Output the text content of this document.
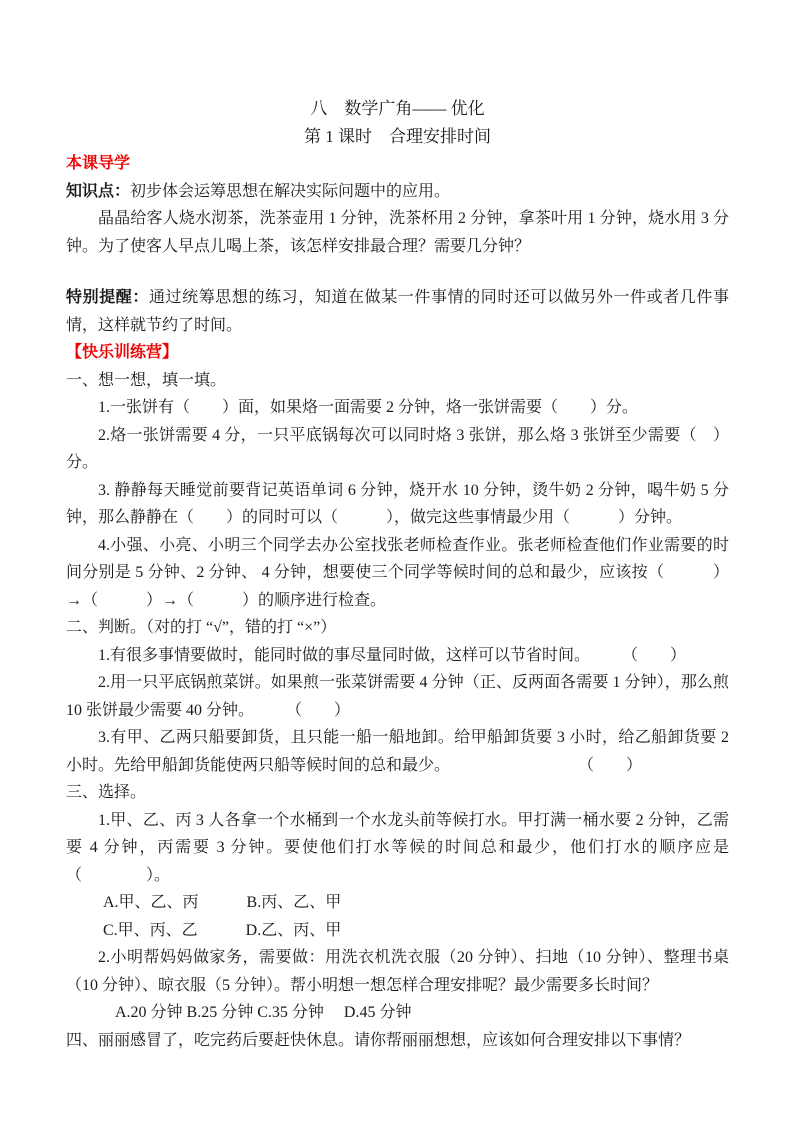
八　数学广角—— 优化

第 1 课时　合理安排时间

本课导学

知识点：初步体会运筹思想在解决实际问题中的应用。

晶晶给客人烧水沏茶，洗茶壶用 1 分钟，洗茶杯用 2 分钟，拿茶叶用 1 分钟，烧水用 3 分钟。为了使客人早点儿喝上茶，该怎样安排最合理？需要几分钟？

特别提醒：通过统筹思想的练习，知道在做某一件事情的同时还可以做另外一件或者几件事情，这样就节约了时间。

【快乐训练营】

一、想一想，填一填。

1.一张饼有（　　）面，如果烙一面需要 2 分钟，烙一张饼需要（　　）分。

2.烙一张饼需要 4 分，一只平底锅每次可以同时烙 3 张饼，那么烙 3 张饼至少需要（　）分。

3. 静静每天睡觉前要背记英语单词 6 分钟，烧开水 10 分钟，烫牛奶 2 分钟，喝牛奶 5 分钟，那么静静在（　　）的同时可以（　　　），做完这些事情最少用（　　　）分钟。

4.小强、小亮、小明三个同学去办公室找张老师检查作业。张老师检查他们作业需要的时间分别是 5 分钟、2 分钟、 4 分钟，想要使三个同学等候时间的总和最少，应该按（　　　）→（　　　）→（　　　）的顺序进行检查。

二、判断。（对的打 “√”，错的打 “×”）

1.有很多事情要做时，能同时做的事尽量同时做，这样可以节省时间。　　　（　　）

2.用一只平底锅煎菜饼。如果煎一张菜饼需要 4 分钟（正、反两面各需要 1 分钟），那么煎 10 张饼最少需要 40 分钟。　　　（　　）

3.有甲、乙两只船要卸货，且只能一船一船地卸。给甲船卸货要 3 小时，给乙船卸货要 2 小时。先给甲船卸货能使两只船等候时间的总和最少。　　　　　　　　　（　　）

三、选择。

1.甲、乙、丙 3 人各拿一个水桶到一个水龙头前等候打水。甲打满一桶水要 2 分钟，乙需要 4 分钟，丙需要 3 分钟。要使他们打水等候的时间总和最少，他们打水的顺序应是（　　　　）。

A.甲、乙、丙　　　B.丙、乙、甲

C.甲、丙、乙　　　D.乙、丙、甲

2.小明帮妈妈做家务，需要做：用洗衣机洗衣服（20 分钟）、扫地（10 分钟）、整理书桌（10 分钟）、晾衣服（5 分钟）。帮小明想一想怎样合理安排呢？最少需要多长时间？

A.20 分钟 B.25 分钟 C.35 分钟 　D.45 分钟

四、丽丽感冒了，吃完药后要赶快休息。请你帮丽丽想想，应该如何合理安排以下事情？
